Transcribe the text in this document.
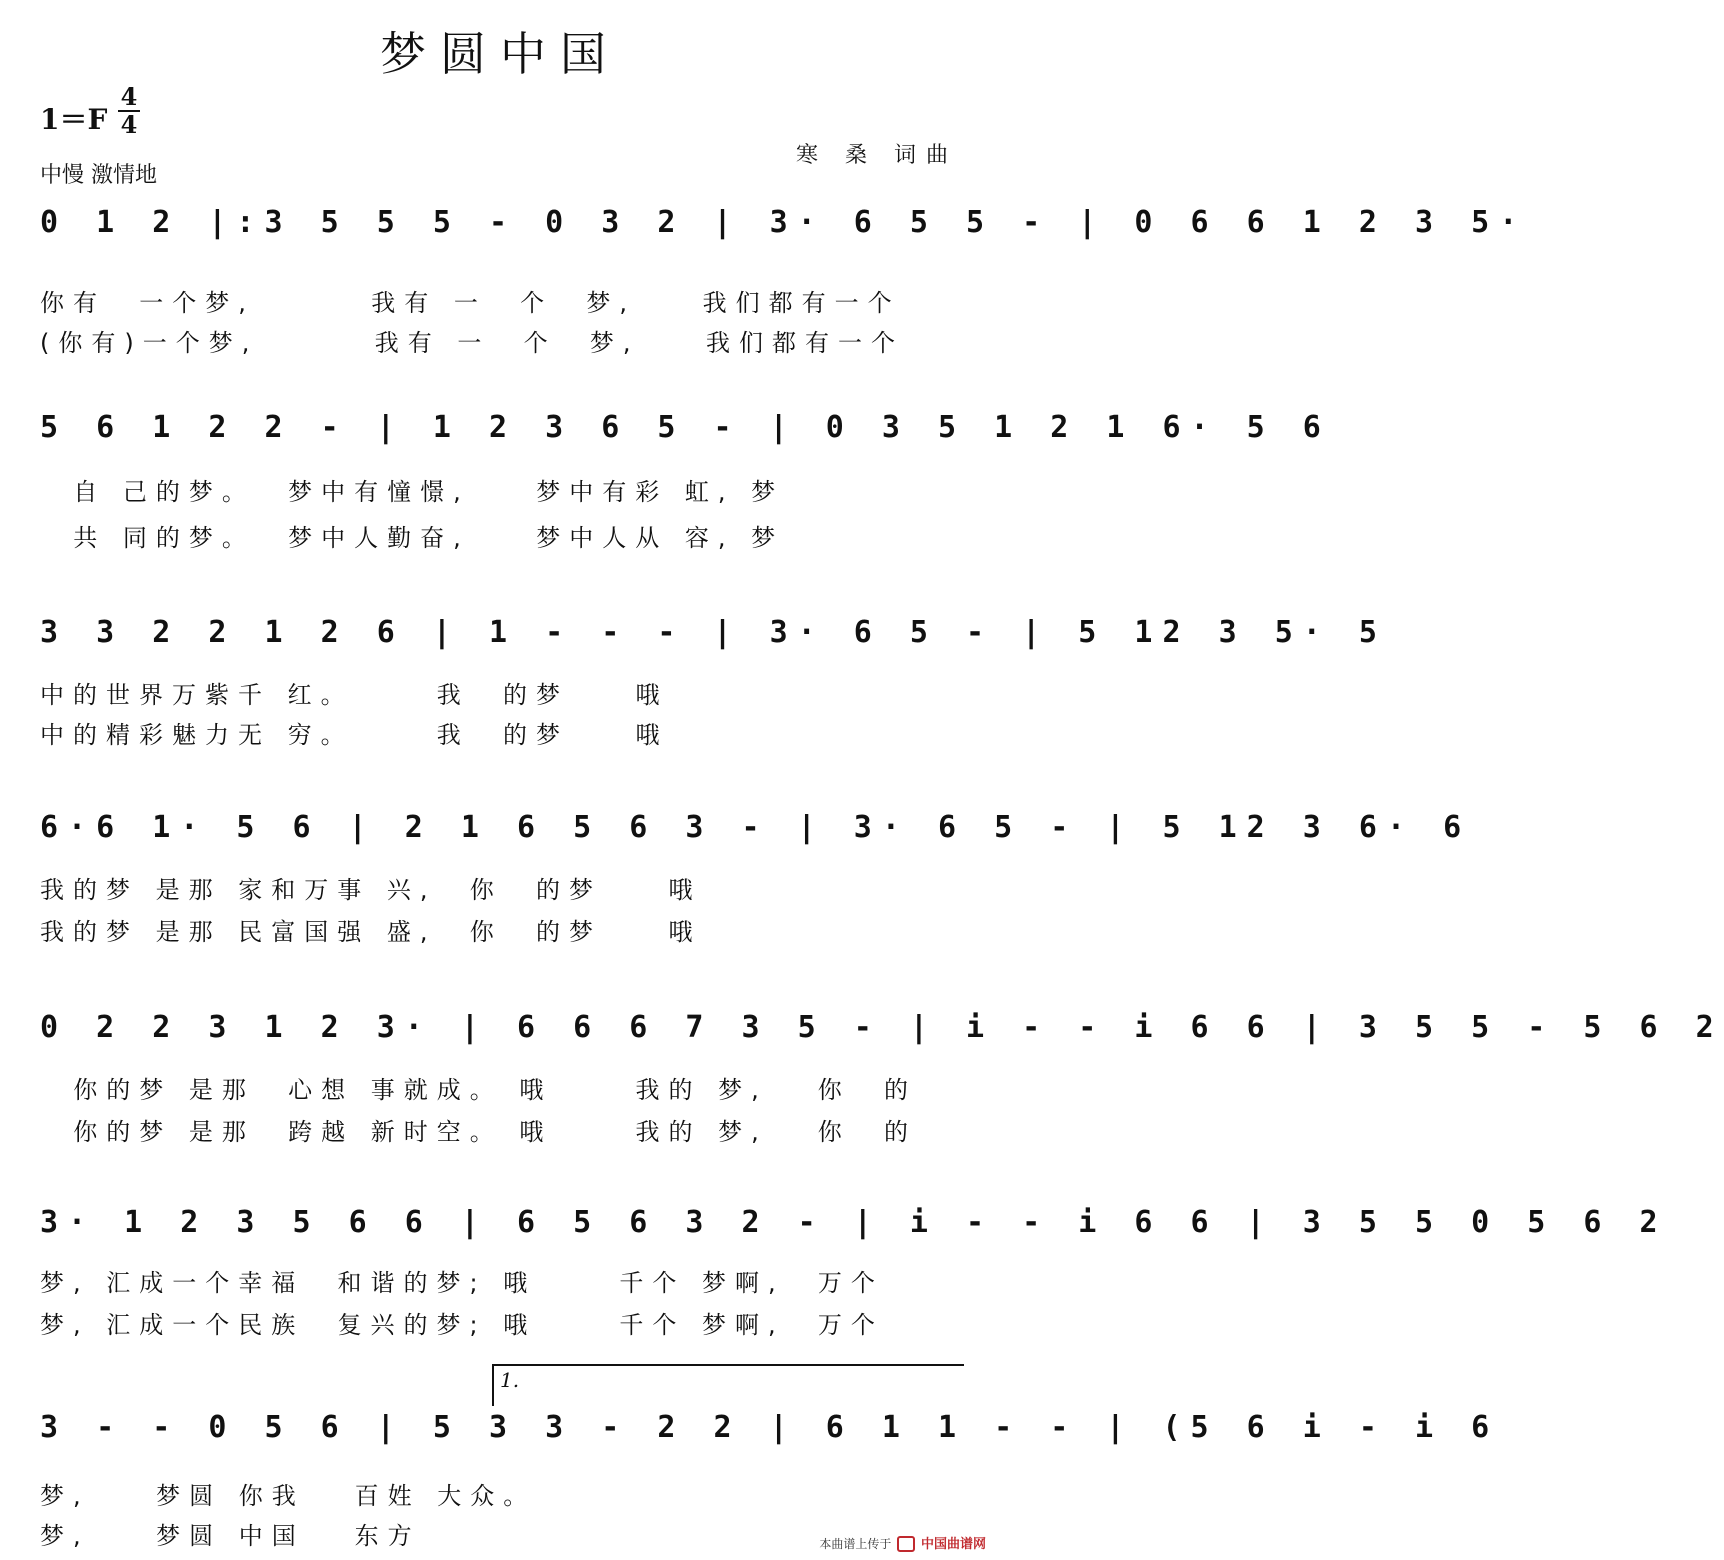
梦圆中国
1＝F
4
4
中慢 激情地
寒 桑 词曲
0 1 2 |:3 5 5 5 - 0 3 2 | 3· 6 5 5 - | 0 6 6 1 2 3 5·
你有  一个梦,       我有 一  个  梦,    我们都有一个
(你有)一个梦,       我有 一  个  梦,    我们都有一个
5 6 1 2 2 - | 1 2 3 6 5 - | 0 3 5 1 2 1 6· 5 6
自 己的梦。  梦中有憧憬,    梦中有彩 虹, 梦
共 同的梦。  梦中人勤奋,    梦中人从 容, 梦
3 3 2 2 1 2 6 | 1 - - - | 3· 6 5 - | 5 12 3 5· 5
中的世界万紫千 红。     我  的梦    哦
中的精彩魅力无 穷。     我  的梦    哦
6·6 1· 5 6 | 2 1 6 5 6 3 - | 3· 6 5 - | 5 12 3 6· 6
我的梦 是那 家和万事 兴,  你  的梦    哦
我的梦 是那 民富国强 盛,  你  的梦    哦
0 2 2 3 1 2 3· | 6 6 6 7 3 5 - | i - - i 6 6 | 3 5 5 - 5 6 2
你的梦 是那  心想 事就成。 哦     我的 梦,   你  的
你的梦 是那  跨越 新时空。 哦     我的 梦,   你  的
3· 1 2 3 5 6 6 | 6 5 6 3 2 - | i - - i 6 6 | 3 5 5 0 5 6 2
梦, 汇成一个幸福  和谐的梦; 哦     千个 梦啊,  万个
梦, 汇成一个民族  复兴的梦; 哦     千个 梦啊,  万个
1.
3 - - 0 5 6 | 5 3 3 - 2 2 | 6 1 1 - - | (5 6 i - i 6
梦,    梦圆 你我   百姓 大众。
梦,    梦圆 中国   东方	本曲谱上传于 中国曲谱网
